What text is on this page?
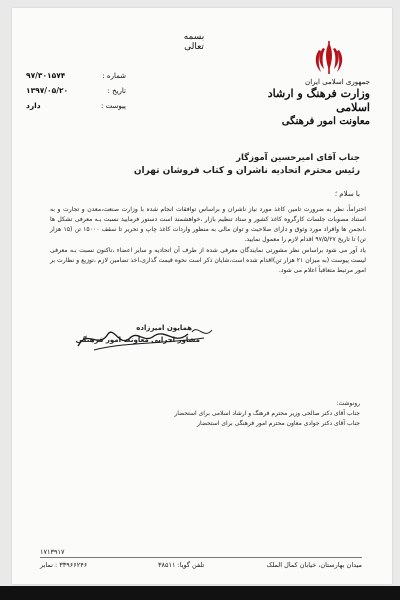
بسمه تعالی
جمهوری اسلامی ایران
وزارت فرهنگ و ارشاد اسلامی
معاونت امور فرهنگی
شماره :
۹۷/۳۰۱۵۷۴
تاریخ :
۱۳۹۷/۰۵/۲۰
پیوست :
دارد
جناب آقای امیرحسین آموزگار
رئیس محترم اتحادیه ناشران و کتاب فروشان تهران
با سلام ؛

احتراماً، نظر به ضرورت تامین کاغذ مورد نیاز ناشران و براساس توافقات انجام شده با وزارت صنعت،معدن و تجارت و به استناد مصوبات جلسات کارگروه کاغذ کشور و ستاد تنظیم بازار ،خواهشمند است دستور فرمایید نسبت بـه معرفی تشکل ها ،انجمن ها وافراد مورد وثوق و دارای صلاحیت و توان مالی به منظور واردات کاغذ چاپ و تحریر تا سقف ۱۵۰۰۰ تن (۱۵ هزار تن) تا تاریخ ۹۷/۵/۲۷ اقدام لازم را معمول نمایید.

یاد آور می شود براساس نظر مشورتی نمایندگان معرفی شده از طرف آن اتحادیه و سایر اعضاء ،تاکنون نسبت بـه معرفی لیست پیوست (به میزان ۲۱ هزار تن)اقدام شده است،شایان ذکر است نحوه قیمت گذاری،اخذ تضامین لازم ،توزیع و نظارت بر امور مرتبط متعاقباً اعلام می شود.

همایون امیرزاده
مشاور اجرایی معاونت امور فرهنگی
رونوشت:
جناب آقای دکتر صالحی وزیر محترم فرهنگ و ارشاد اسلامی برای استحضار
جناب آقای دکتر جوادی معاون محترم امور فرهنگی برای استحضار
۱۷۱۳۹۱۷
میدان بهارستان، خیابان کمال الملک
تلفن گویا: ۳۸۵۱۱
۳۳۹۶۶۲۴۶ : نمابر
